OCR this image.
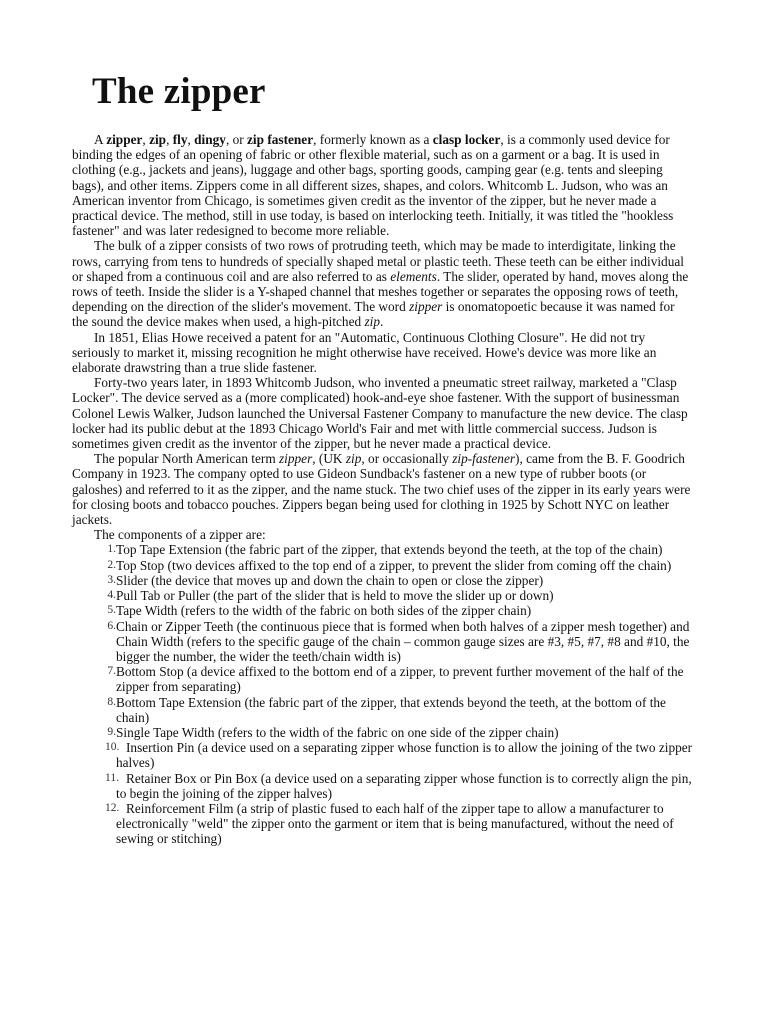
The zipper

A zipper, zip, fly, dingy, or zip fastener, formerly known as a clasp locker, is a commonly used device for binding the edges of an opening of fabric or other flexible material, such as on a garment or a bag. It is used in clothing (e.g., jackets and jeans), luggage and other bags, sporting goods, camping gear (e.g. tents and sleeping bags), and other items. Zippers come in all different sizes, shapes, and colors. Whitcomb L. Judson, who was an American inventor from Chicago, is sometimes given credit as the inventor of the zipper, but he never made a practical device. The method, still in use today, is based on interlocking teeth. Initially, it was titled the "hookless fastener" and was later redesigned to become more reliable.

The bulk of a zipper consists of two rows of protruding teeth, which may be made to interdigitate, linking the rows, carrying from tens to hundreds of specially shaped metal or plastic teeth. These teeth can be either individual or shaped from a continuous coil and are also referred to as elements. The slider, operated by hand, moves along the rows of teeth. Inside the slider is a Y-shaped channel that meshes together or separates the opposing rows of teeth, depending on the direction of the slider's movement. The word zipper is onomatopoetic because it was named for the sound the device makes when used, a high-pitched zip.

In 1851, Elias Howe received a patent for an "Automatic, Continuous Clothing Closure". He did not try seriously to market it, missing recognition he might otherwise have received. Howe's device was more like an elaborate drawstring than a true slide fastener.

Forty-two years later, in 1893 Whitcomb Judson, who invented a pneumatic street railway, marketed a "Clasp Locker". The device served as a (more complicated) hook-and-eye shoe fastener. With the support of businessman Colonel Lewis Walker, Judson launched the Universal Fastener Company to manufacture the new device. The clasp locker had its public debut at the 1893 Chicago World's Fair and met with little commercial success. Judson is sometimes given credit as the inventor of the zipper, but he never made a practical device.

The popular North American term zipper, (UK zip, or occasionally zip-fastener), came from the B. F. Goodrich Company in 1923. The company opted to use Gideon Sundback's fastener on a new type of rubber boots (or galoshes) and referred to it as the zipper, and the name stuck. The two chief uses of the zipper in its early years were for closing boots and tobacco pouches. Zippers began being used for clothing in 1925 by Schott NYC on leather jackets.

The components of a zipper are:

1. Top Tape Extension (the fabric part of the zipper, that extends beyond the teeth, at the top of the chain)
2. Top Stop (two devices affixed to the top end of a zipper, to prevent the slider from coming off the chain)
3. Slider (the device that moves up and down the chain to open or close the zipper)
4. Pull Tab or Puller (the part of the slider that is held to move the slider up or down)
5. Tape Width (refers to the width of the fabric on both sides of the zipper chain)
6. Chain or Zipper Teeth (the continuous piece that is formed when both halves of a zipper mesh together) and Chain Width (refers to the specific gauge of the chain – common gauge sizes are #3, #5, #7, #8 and #10, the bigger the number, the wider the teeth/chain width is)
7. Bottom Stop (a device affixed to the bottom end of a zipper, to prevent further movement of the half of the zipper from separating)
8. Bottom Tape Extension (the fabric part of the zipper, that extends beyond the teeth, at the bottom of the chain)
9. Single Tape Width (refers to the width of the fabric on one side of the zipper chain)
10. Insertion Pin (a device used on a separating zipper whose function is to allow the joining of the two zipper halves)
11. Retainer Box or Pin Box (a device used on a separating zipper whose function is to correctly align the pin, to begin the joining of the zipper halves)
12. Reinforcement Film (a strip of plastic fused to each half of the zipper tape to allow a manufacturer to electronically "weld" the zipper onto the garment or item that is being manufactured, without the need of sewing or stitching)
